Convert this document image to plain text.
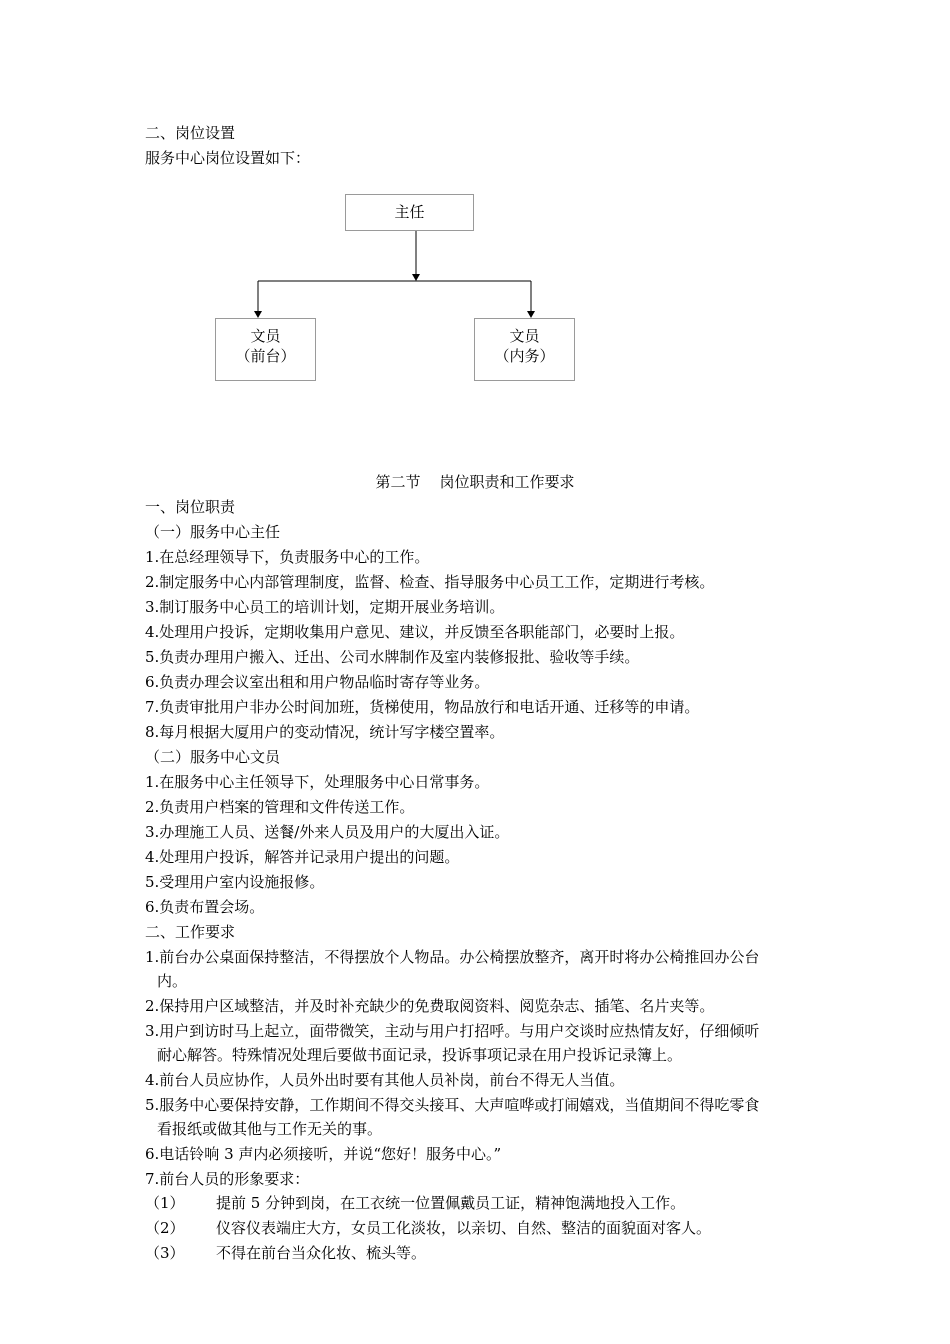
二、岗位设置
服务中心岗位设置如下：
主任
文员
（前台）
文员
（内务）
第二节    岗位职责和工作要求
一、岗位职责
（一）服务中心主任
1.在总经理领导下，负责服务中心的工作。
2.制定服务中心内部管理制度，监督、检查、指导服务中心员工工作，定期进行考核。
3.制订服务中心员工的培训计划，定期开展业务培训。
4.处理用户投诉，定期收集用户意见、建议，并反馈至各职能部门，必要时上报。
5.负责办理用户搬入、迁出、公司水牌制作及室内装修报批、验收等手续。
6.负责办理会议室出租和用户物品临时寄存等业务。
7.负责审批用户非办公时间加班，货梯使用，物品放行和电话开通、迁移等的申请。
8.每月根据大厦用户的变动情况，统计写字楼空置率。
（二）服务中心文员
1.在服务中心主任领导下，处理服务中心日常事务。
2.负责用户档案的管理和文件传送工作。
3.办理施工人员、送餐/外来人员及用户的大厦出入证。
4.处理用户投诉，解答并记录用户提出的问题。
5.受理用户室内设施报修。
6.负责布置会场。
二、工作要求
1.前台办公桌面保持整洁，不得摆放个人物品。办公椅摆放整齐，离开时将办公椅推回办公台
内。
2.保持用户区域整洁，并及时补充缺少的免费取阅资料、阅览杂志、插笔、名片夹等。
3.用户到访时马上起立，面带微笑，主动与用户打招呼。与用户交谈时应热情友好，仔细倾听
耐心解答。特殊情况处理后要做书面记录，投诉事项记录在用户投诉记录簿上。
4.前台人员应协作，人员外出时要有其他人员补岗，前台不得无人当值。
5.服务中心要保持安静，工作期间不得交头接耳、大声喧哗或打闹嬉戏，当值期间不得吃零食
看报纸或做其他与工作无关的事。
6.电话铃响 3 声内必须接听，并说“您好！服务中心。”
7.前台人员的形象要求：
（1） 提前 5 分钟到岗，在工衣统一位置佩戴员工证，精神饱满地投入工作。
（2） 仪容仪表端庄大方，女员工化淡妆，以亲切、自然、整洁的面貌面对客人。
（3） 不得在前台当众化妆、梳头等。
